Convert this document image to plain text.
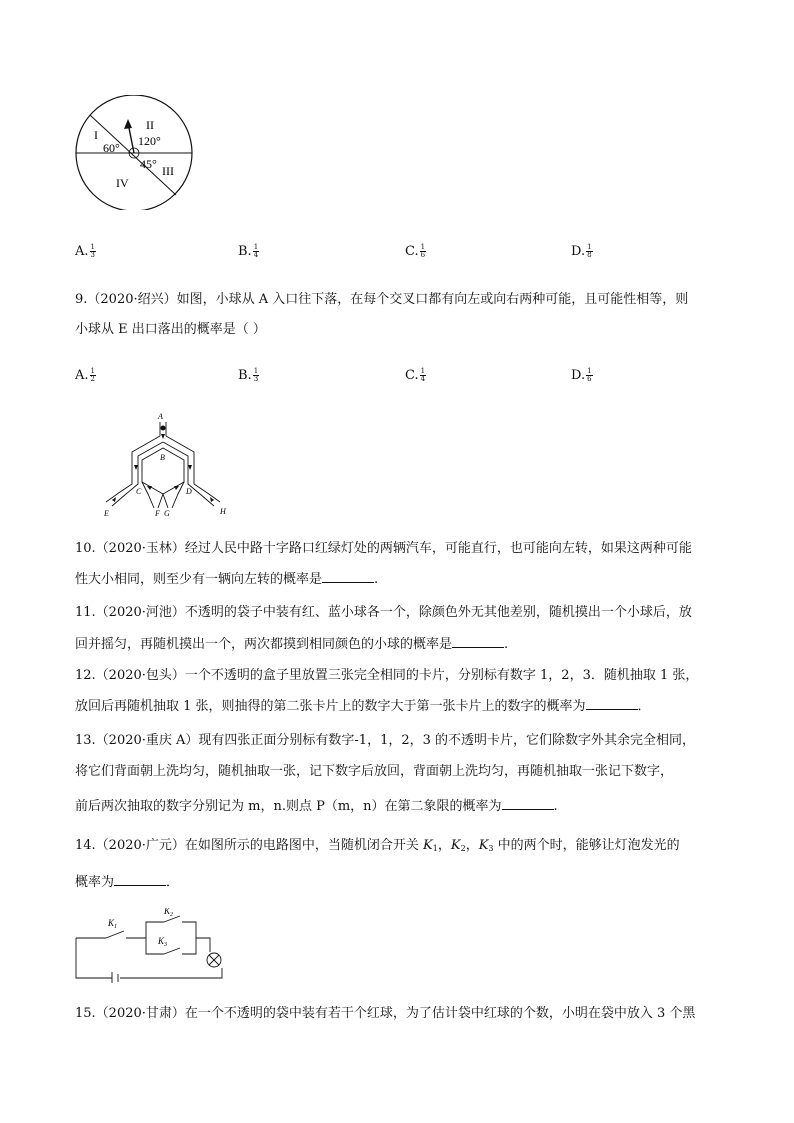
I
II
III
IV
60° 120°
45°
A. $\frac{1}{3}$	B. $\frac{1}{4}$	C. $\frac{1}{6}$	D. $\frac{1}{8}$
9.（2020·绍兴）如图，小球从 A 入口往下落，在每个交叉口都有向左或向右两种可能，且可能性相等，则
小球从 E 出口落出的概率是（ ）
A. $\frac{1}{2}$	B. $\frac{1}{3}$	C. $\frac{1}{4}$	D. $\frac{1}{6}$
A
B
C	D
E	F G	H
10.（2020·玉林）经过人民中路十字路口红绿灯处的两辆汽车，可能直行，也可能向左转，如果这两种可能
性大小相同，则至少有一辆向左转的概率是	.
11.（2020·河池）不透明的袋子中装有红、蓝小球各一个，除颜色外无其他差别，随机摸出一个小球后，放
回并摇匀，再随机摸出一个，两次都摸到相同颜色的小球的概率是	.
12.（2020·包头）一个不透明的盒子里放置三张完全相同的卡片，分别标有数字 1，2，3．随机抽取 1 张，
放回后再随机抽取 1 张，则抽得的第二张卡片上的数字大于第一张卡片上的数字的概率为	．
13.（2020·重庆 A）现有四张正面分别标有数字-1，1，2，3 的不透明卡片，它们除数字外其余完全相同，
将它们背面朝上洗均匀，随机抽取一张，记下数字后放回，背面朝上洗均匀，再随机抽取一张记下数字，
前后两次抽取的数字分别记为 m，n.则点 P（m，n）在第二象限的概率为	.
14.（2020·广元）在如图所示的电路图中，当随机闭合开关 $K_1$，$K_2$，$K_3$ 中的两个时，能够让灯泡发光的
概率为	．
$K_1$
$K_2$
$K_3$
15.（2020·甘肃）在一个不透明的袋中装有若干个红球，为了估计袋中红球的个数，小明在袋中放入 3 个黑
